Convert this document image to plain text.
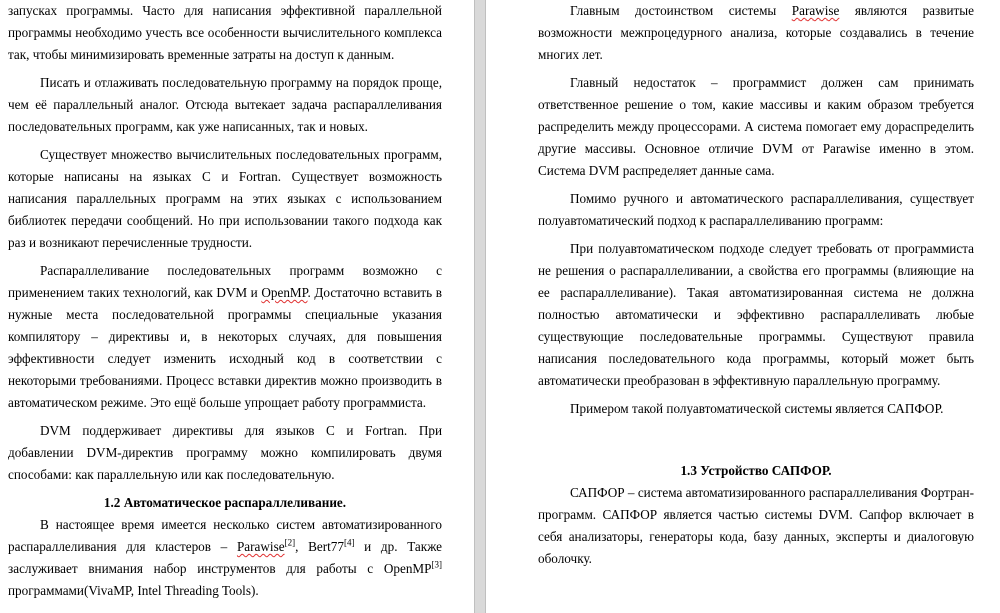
запусках программы. Часто для написания эффективной параллельной программы необходимо учесть все особенности вычислительного комплекса так, чтобы минимизировать временные затраты на доступ к данным.

Писать и отлаживать последовательную программу на порядок проще, чем её параллельный аналог. Отсюда вытекает задача распараллеливания последовательных программ, как уже написанных, так и новых.

Существует множество вычислительных последовательных программ, которые написаны на языках C и Fortran. Существует возможность написания параллельных программ на этих языках с использованием библиотек передачи сообщений. Но при использовании такого подхода как раз и возникают перечисленные трудности.

Распараллеливание последовательных программ возможно с применением таких технологий, как DVM и OpenMP. Достаточно вставить в нужные места последовательной программы специальные указания компилятору – директивы и, в некоторых случаях, для повышения эффективности следует изменить исходный код в соответствии с некоторыми требованиями. Процесс вставки директив можно производить в автоматическом режиме. Это ещё больше упрощает работу программиста.

DVM поддерживает директивы для языков C и Fortran. При добавлении DVM-директив программу можно компилировать двумя способами: как параллельную или как последовательную.

1.2 Автоматическое распараллеливание.

В настоящее время имеется несколько систем автоматизированного распараллеливания для кластеров – Parawise[2], Bert77[4] и др. Также заслуживает внимания набор инструментов для работы с OpenMP[3] программами(VivaMP, Intel Threading Tools).

Главным достоинством системы Parawise являются развитые возможности межпроцедурного анализа, которые создавались в течение многих лет.

Главный недостаток – программист должен сам принимать ответственное решение о том, какие массивы и каким образом требуется распределить между процессорами. А система помогает ему дораспределить другие массивы. Основное отличие DVM от Parawise именно в этом. Система DVM распределяет данные сама.

Помимо ручного и автоматического распараллеливания, существует полуавтоматический подход к распараллеливанию программ:

При полуавтоматическом подходе следует требовать от программиста не решения о распараллеливании, а свойства его программы (влияющие на ее распараллеливание). Такая автоматизированная система не должна полностью автоматически и эффективно распараллеливать любые существующие последовательные программы. Существуют правила написания последовательного кода программы, который может быть автоматически преобразован в эффективную параллельную программу.

Примером такой полуавтоматической системы является САПФОР.

1.3 Устройство САПФОР.

САПФОР – система автоматизированного распараллеливания Фортран-программ. САПФОР является частью системы DVM. Сапфор включает в себя анализаторы, генераторы кода, базу данных, эксперты и диалоговую оболочку.
